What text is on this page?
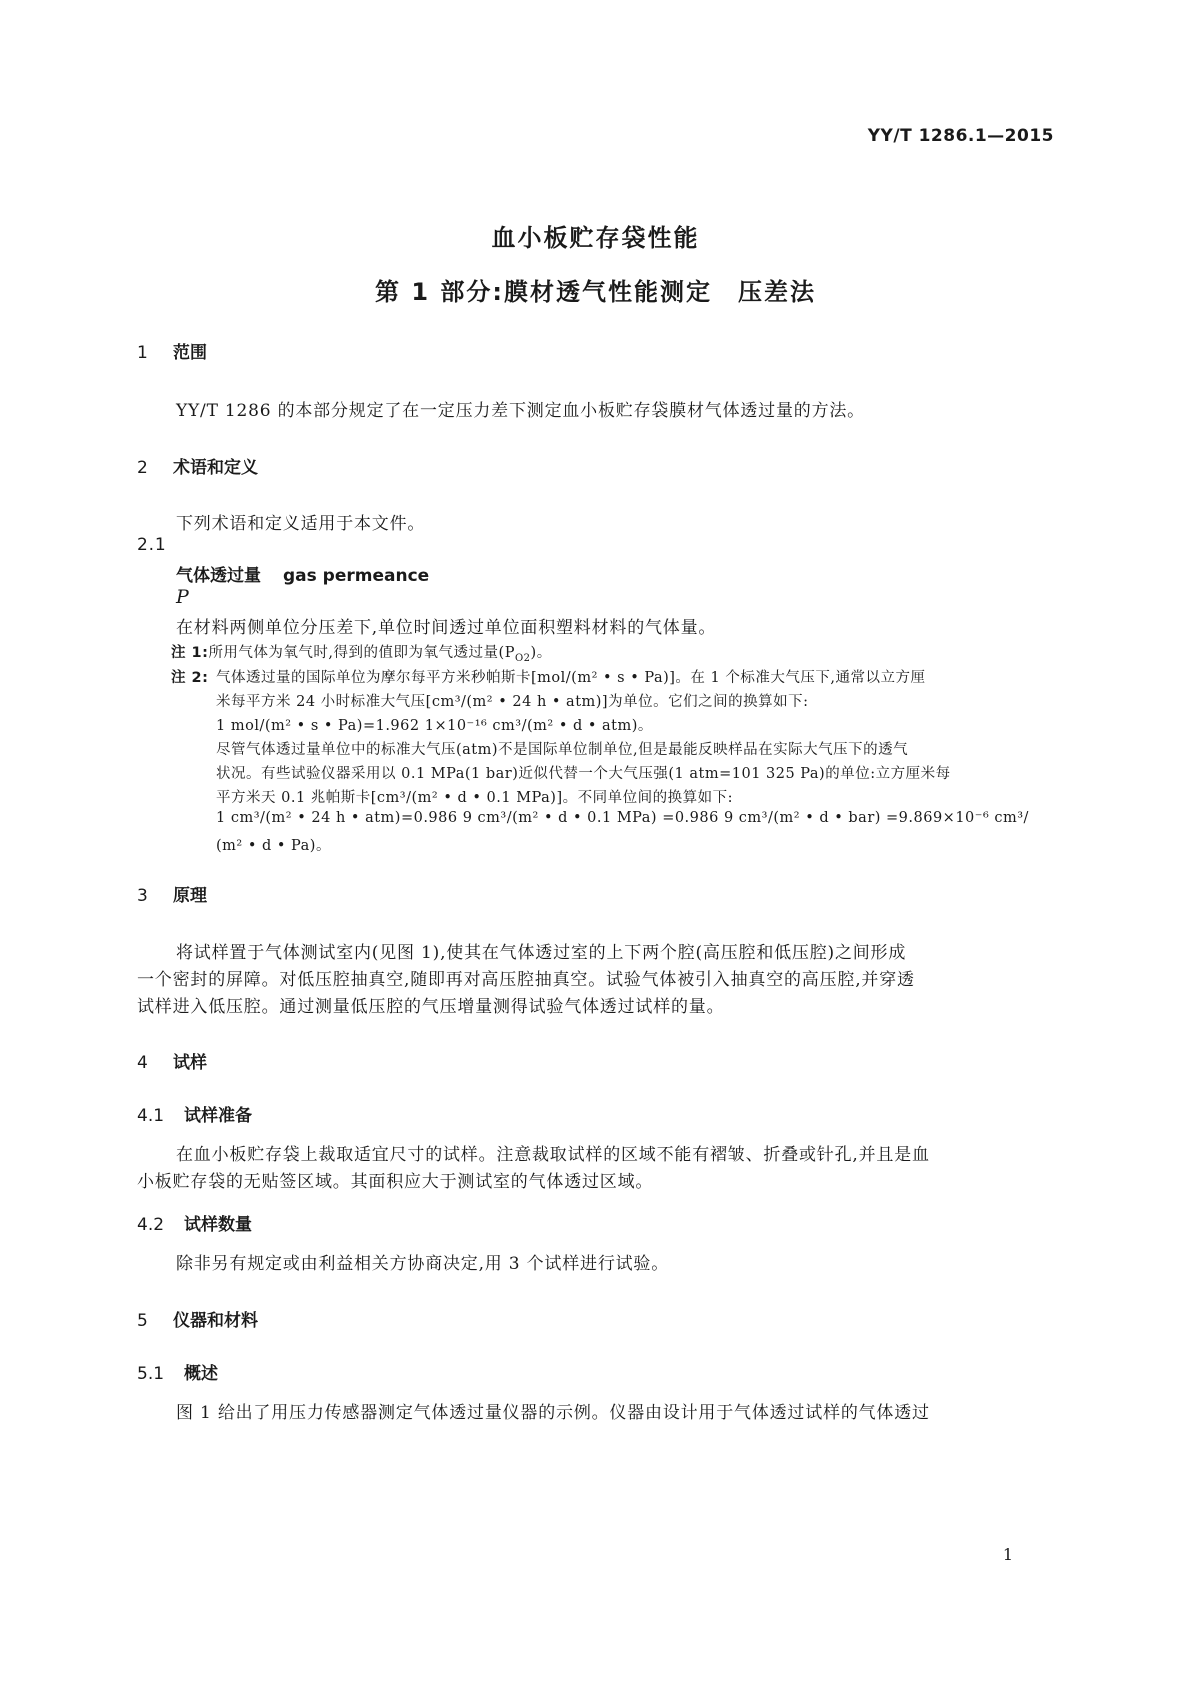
YY/T 1286.1—2015
血小板贮存袋性能
第 1 部分:膜材透气性能测定　压差法
1 范围
YY/T 1286 的本部分规定了在一定压力差下测定血小板贮存袋膜材气体透过量的方法。
2 术语和定义
下列术语和定义适用于本文件。
2.1
气体透过量 gas permeance
P
在材料两侧单位分压差下,单位时间透过单位面积塑料材料的气体量。
注 1:所用气体为氧气时,得到的值即为氧气透过量$(P_{O2})$。
注 2: 气体透过量的国际单位为摩尔每平方米秒帕斯卡[mol/(m² • s • Pa)]。在 1 个标准大气压下,通常以立方厘
米每平方米 24 小时标准大气压[cm³/(m² • 24 h • atm)]为单位。它们之间的换算如下:
1 mol/(m² • s • Pa)=1.962 1×10⁻¹⁶ cm³/(m² • d • atm)。
尽管气体透过量单位中的标准大气压(atm)不是国际单位制单位,但是最能反映样品在实际大气压下的透气
状况。有些试验仪器采用以 0.1 MPa(1 bar)近似代替一个大气压强(1 atm=101 325 Pa)的单位:立方厘米每
平方米天 0.1 兆帕斯卡[cm³/(m² • d • 0.1 MPa)]。不同单位间的换算如下:
1 cm³/(m² • 24 h • atm)=0.986 9 cm³/(m² • d • 0.1 MPa) =0.986 9 cm³/(m² • d • bar) =9.869×10⁻⁶ cm³/
(m² • d • Pa)。
3 原理
将试样置于气体测试室内(见图 1),使其在气体透过室的上下两个腔(高压腔和低压腔)之间形成
一个密封的屏障。对低压腔抽真空,随即再对高压腔抽真空。试验气体被引入抽真空的高压腔,并穿透
试样进入低压腔。通过测量低压腔的气压增量测得试验气体透过试样的量。
4 试样
4.1 试样准备
在血小板贮存袋上裁取适宜尺寸的试样。注意裁取试样的区域不能有褶皱、折叠或针孔,并且是血
小板贮存袋的无贴签区域。其面积应大于测试室的气体透过区域。
4.2 试样数量
除非另有规定或由利益相关方协商决定,用 3 个试样进行试验。
5 仪器和材料
5.1 概述
图 1 给出了用压力传感器测定气体透过量仪器的示例。仪器由设计用于气体透过试样的气体透过
1
